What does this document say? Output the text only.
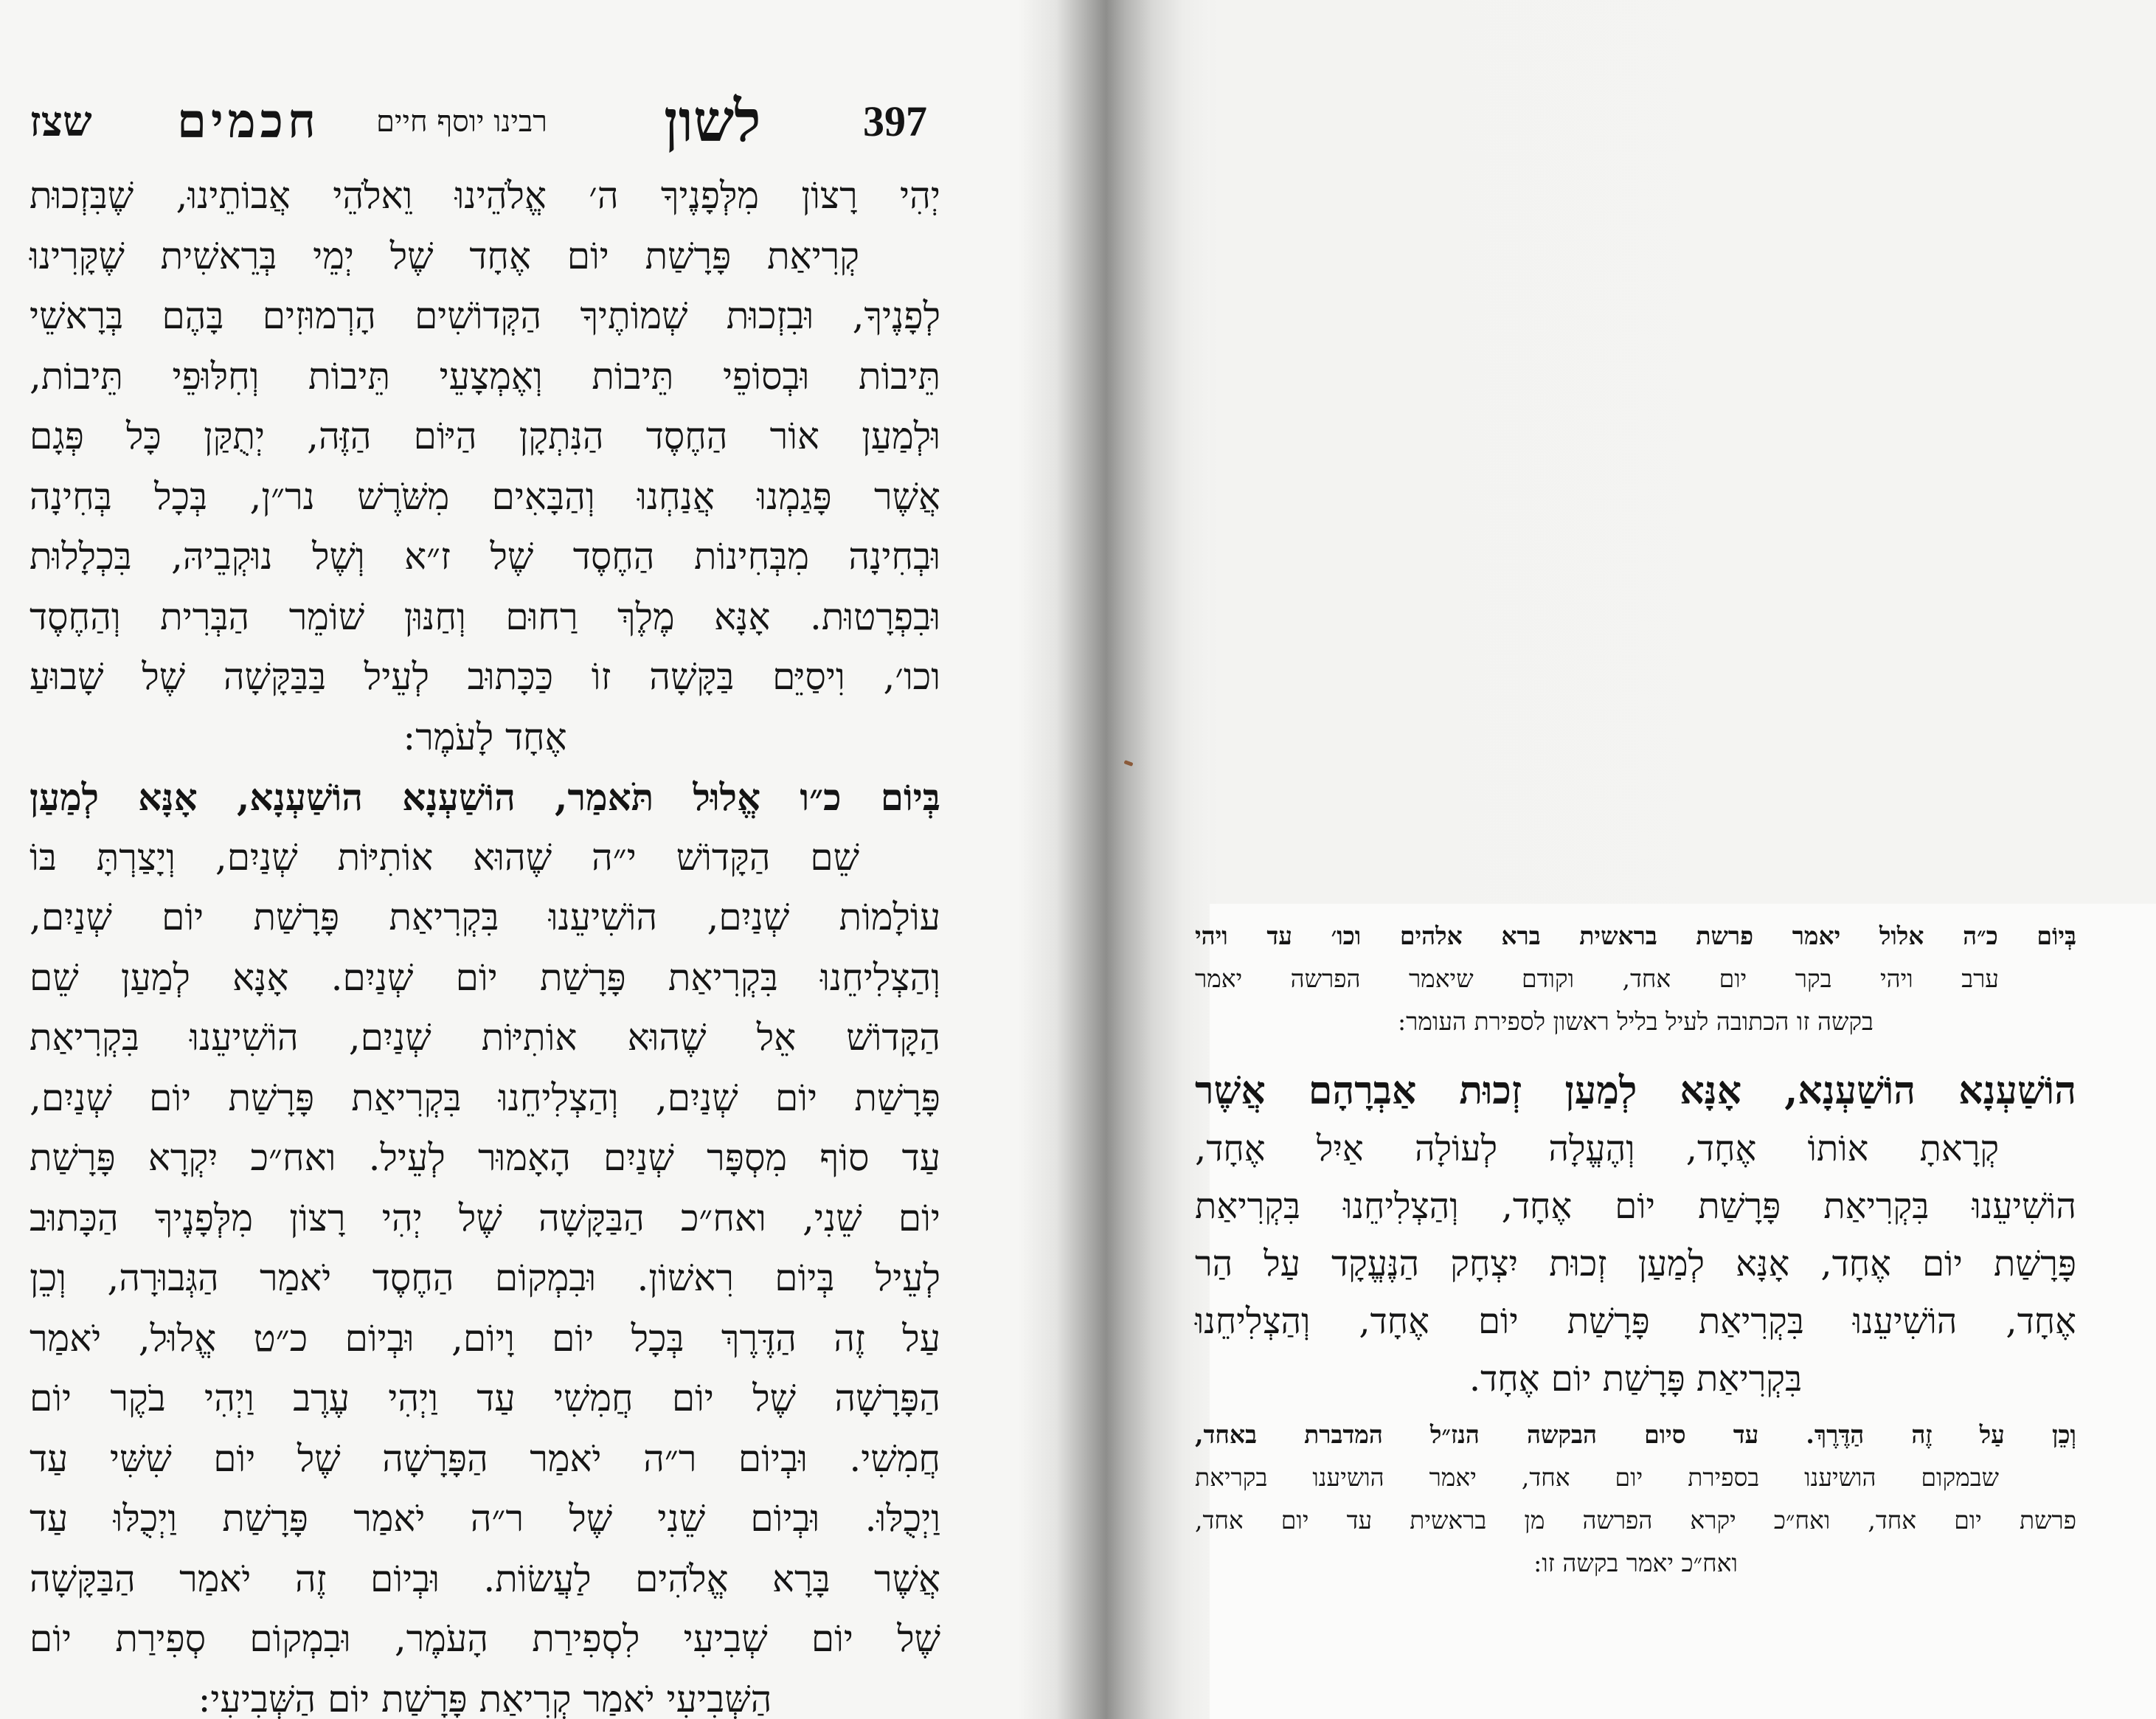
שצז חכמים רבינו יוסף חיים לשון 397
יְהִי רָצוֹן מִלְּפָנֶיךָ ה׳ אֱלֹהֵינוּ וֵאלֹהֵי אֲבוֹתֵינוּ, שֶׁבִּזְכוּת
קְרִיאַת פָּרָשַׁת יוֹם אֶחָד שֶׁל יְמֵי בְּרֵאשִׁית שֶׁקָּרִינוּ
לְפָנֶיךָ, וּבִזְכוּת שְׁמוֹתֶיךָ הַקְּדוֹשִׁים הָרְמוּזִים בָּהֶם בְּרָאשֵׁי
תֵּיבוֹת וּבְסוֹפֵי תֵּיבוֹת וְאֶמְצָעֵי תֵּיבוֹת וְחִלּוּפֵי תֵּיבוֹת,
וּלְמַעַן אוֹר הַחֶסֶד הַנִּתְקָן הַיּוֹם הַזֶּה, יְתֻקַּן כָּל פְּגָם
אֲשֶׁר פָּגַמְנוּ אֲנַחְנוּ וְהַבָּאִים מִשֹּׁרֶשׁ נר״ן, בְּכָל בְּחִינָה
וּבְחִינָה מִבְּחִינוֹת הַחֶסֶד שֶׁל ז״א וְשֶׁל נוּקְבֵיהּ, בִּכְלָלוּת
וּבִפְרָטוּת. אָנָּא מֶלֶךְ רַחוּם וְחַנּוּן שׁוֹמֵר הַבְּרִית וְהַחֶסֶד
וכו׳, וִיסַיֵּם בַּקָּשָׁה זוֹ כַּכָּתוּב לְעֵיל בַּבַּקָּשָׁה שֶׁל שָׁבוּעַ
אֶחָד לָעֹמֶר:
בְּיוֹם כ״ו אֱלוּל תֹּאמַר, הוֹשַׁעְנָא הוֹשַׁעְנָא, אָנָּא לְמַעַן
שֵׁם הַקָּדוֹשׁ י״ה שֶׁהוּא אוֹתִיּוֹת שְׁנַיִם, וְיָצַרְתָּ בּוֹ
עוֹלָמוֹת שְׁנַיִם, הוֹשִׁיעֵנוּ בִּקְרִיאַת פָּרָשַׁת יוֹם שְׁנַיִם,
וְהַצְלִיחֵנוּ בִּקְרִיאַת פָּרָשַׁת יוֹם שְׁנַיִם. אָנָּא לְמַעַן שֵׁם
הַקָּדוֹשׁ אֵל שֶׁהוּא אוֹתִיּוֹת שְׁנַיִם, הוֹשִׁיעֵנוּ בִּקְרִיאַת
פָּרָשַׁת יוֹם שְׁנַיִם, וְהַצְלִיחֵנוּ בִּקְרִיאַת פָּרָשַׁת יוֹם שְׁנַיִם,
עַד סוֹף מִסְפָּר שְׁנַיִם הָאָמוּר לְעֵיל. ואח״כ יִקְרָא פָּרָשַׁת
יוֹם שֵׁנִי, ואח״כ הַבַּקָּשָׁה שֶׁל יְהִי רָצוֹן מִלְּפָנֶיךָ הַכָּתוּב
לְעֵיל בְּיוֹם רִאשׁוֹן. וּבִמְקוֹם הַחֶסֶד יֹאמַר הַגְּבוּרָה, וְכֵן
עַל זֶה הַדֶּרֶךְ בְּכָל יוֹם וָיוֹם, וּבְיוֹם כ״ט אֱלוּל, יֹאמַר
הַפָּרָשָׁה שֶׁל יוֹם חֲמִשִׁי עַד וַיְהִי עֶרֶב וַיְהִי בֹקֶר יוֹם
חֲמִשִׁי. וּבְיוֹם ר״ה יֹאמַר הַפָּרָשָׁה שֶׁל יוֹם שִׁשִּׁי עַד
וַיְכֻלּוּ. וּבְיוֹם שֵׁנִי שֶׁל ר״ה יֹאמַר פָּרָשַׁת וַיְכֻלּוּ עַד
אֲשֶׁר בָּרָא אֱלֹהִים לַעֲשׂוֹת. וּבְיוֹם זֶה יֹאמַר הַבַּקָּשָׁה
שֶׁל יוֹם שְׁבִיעִי לִסְפִירַת הָעֹמֶר, וּבִמְקוֹם סְפִירַת יוֹם
הַשְּׁבִיעִי יֹאמַר קְרִיאַת פָּרָשַׁת יוֹם הַשְּׁבִיעִי:
בְּיוֹם כ״ה אלול יאמר פרשת בראשית ברא אלהים וכו׳ עד ויהי
ערב ויהי בקר יום אחד, וקודם שיאמר הפרשה יאמר
בקשה זו הכתובה לעיל בליל ראשון לספירת העומר:
הוֹשַׁעְנָא הוֹשַׁעְנָא, אָנָּא לְמַעַן זְכוּת אַבְרָהָם אֲשֶׁר
קְרָאתָ אוֹתוֹ אֶחָד, וְהֶעֱלָה לְעוֹלָה אַיִל אֶחָד,
הוֹשִׁיעֵנוּ בִּקְרִיאַת פָּרָשַׁת יוֹם אֶחָד, וְהַצְלִיחֵנוּ בִּקְרִיאַת
פָּרָשַׁת יוֹם אֶחָד, אָנָּא לְמַעַן זְכוּת יִצְחָק הַנֶּעֱקָד עַל הַר
אֶחָד, הוֹשִׁיעֵנוּ בִּקְרִיאַת פָּרָשַׁת יוֹם אֶחָד, וְהַצְלִיחֵנוּ
בִּקְרִיאַת פָּרָשַׁת יוֹם אֶחָד.
וְכֵן עַל זֶה הַדֶּרֶךְ. עד סיום הבקשה הנז״ל המדברת באחד,
שבמקום הושיענו בספירת יום אחד, יאמר הושיענו בקריאת
פרשת יום אחד, ואח״כ יקרא הפרשה מן בראשית עד יום אחד,
ואח״כ יאמר בקשה זו:
